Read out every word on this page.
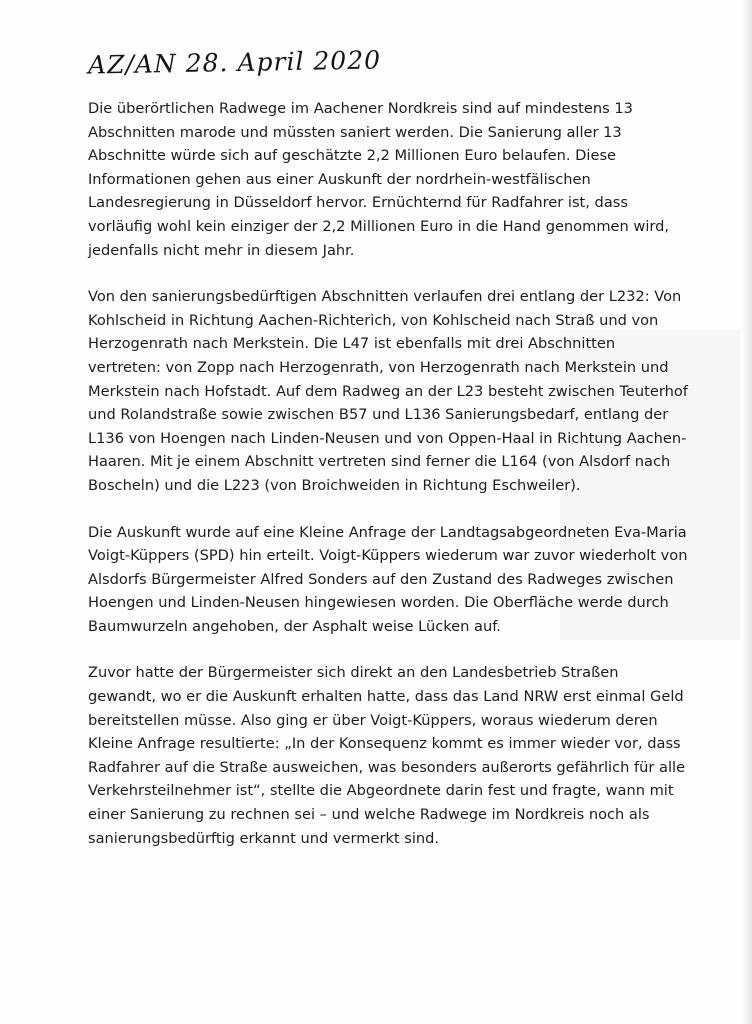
AZ/AN 28. April 2020

Die überörtlichen Radwege im Aachener Nordkreis sind auf mindestens 13 Abschnitten marode und müssten saniert werden. Die Sanierung aller 13 Abschnitte würde sich auf geschätzte 2,2 Millionen Euro belaufen. Diese Informationen gehen aus einer Auskunft der nordrhein-westfälischen Landesregierung in Düsseldorf hervor. Ernüchternd für Radfahrer ist, dass vorläufig wohl kein einziger der 2,2 Millionen Euro in die Hand genommen wird, jedenfalls nicht mehr in diesem Jahr.

Von den sanierungsbedürftigen Abschnitten verlaufen drei entlang der L232: Von Kohlscheid in Richtung Aachen-Richterich, von Kohlscheid nach Straß und von Herzogenrath nach Merkstein. Die L47 ist ebenfalls mit drei Abschnitten vertreten: von Zopp nach Herzogenrath, von Herzogenrath nach Merkstein und Merkstein nach Hofstadt. Auf dem Radweg an der L23 besteht zwischen Teuterhof und Rolandstraße sowie zwischen B57 und L136 Sanierungsbedarf, entlang der L136 von Hoengen nach Linden-Neusen und von Oppen-Haal in Richtung Aachen-Haaren. Mit je einem Abschnitt vertreten sind ferner die L164 (von Alsdorf nach Boscheln) und die L223 (von Broichweiden in Richtung Eschweiler).

Die Auskunft wurde auf eine Kleine Anfrage der Landtagsabgeordneten Eva-Maria Voigt-Küppers (SPD) hin erteilt. Voigt-Küppers wiederum war zuvor wiederholt von Alsdorfs Bürgermeister Alfred Sonders auf den Zustand des Radweges zwischen Hoengen und Linden-Neusen hingewiesen worden. Die Oberfläche werde durch Baumwurzeln angehoben, der Asphalt weise Lücken auf.

Zuvor hatte der Bürgermeister sich direkt an den Landesbetrieb Straßen gewandt, wo er die Auskunft erhalten hatte, dass das Land NRW erst einmal Geld bereitstellen müsse. Also ging er über Voigt-Küppers, woraus wiederum deren Kleine Anfrage resultierte: „In der Konsequenz kommt es immer wieder vor, dass Radfahrer auf die Straße ausweichen, was besonders außerorts gefährlich für alle Verkehrsteilnehmer ist“, stellte die Abgeordnete darin fest und fragte, wann mit einer Sanierung zu rechnen sei – und welche Radwege im Nordkreis noch als sanierungsbedürftig erkannt und vermerkt sind.
